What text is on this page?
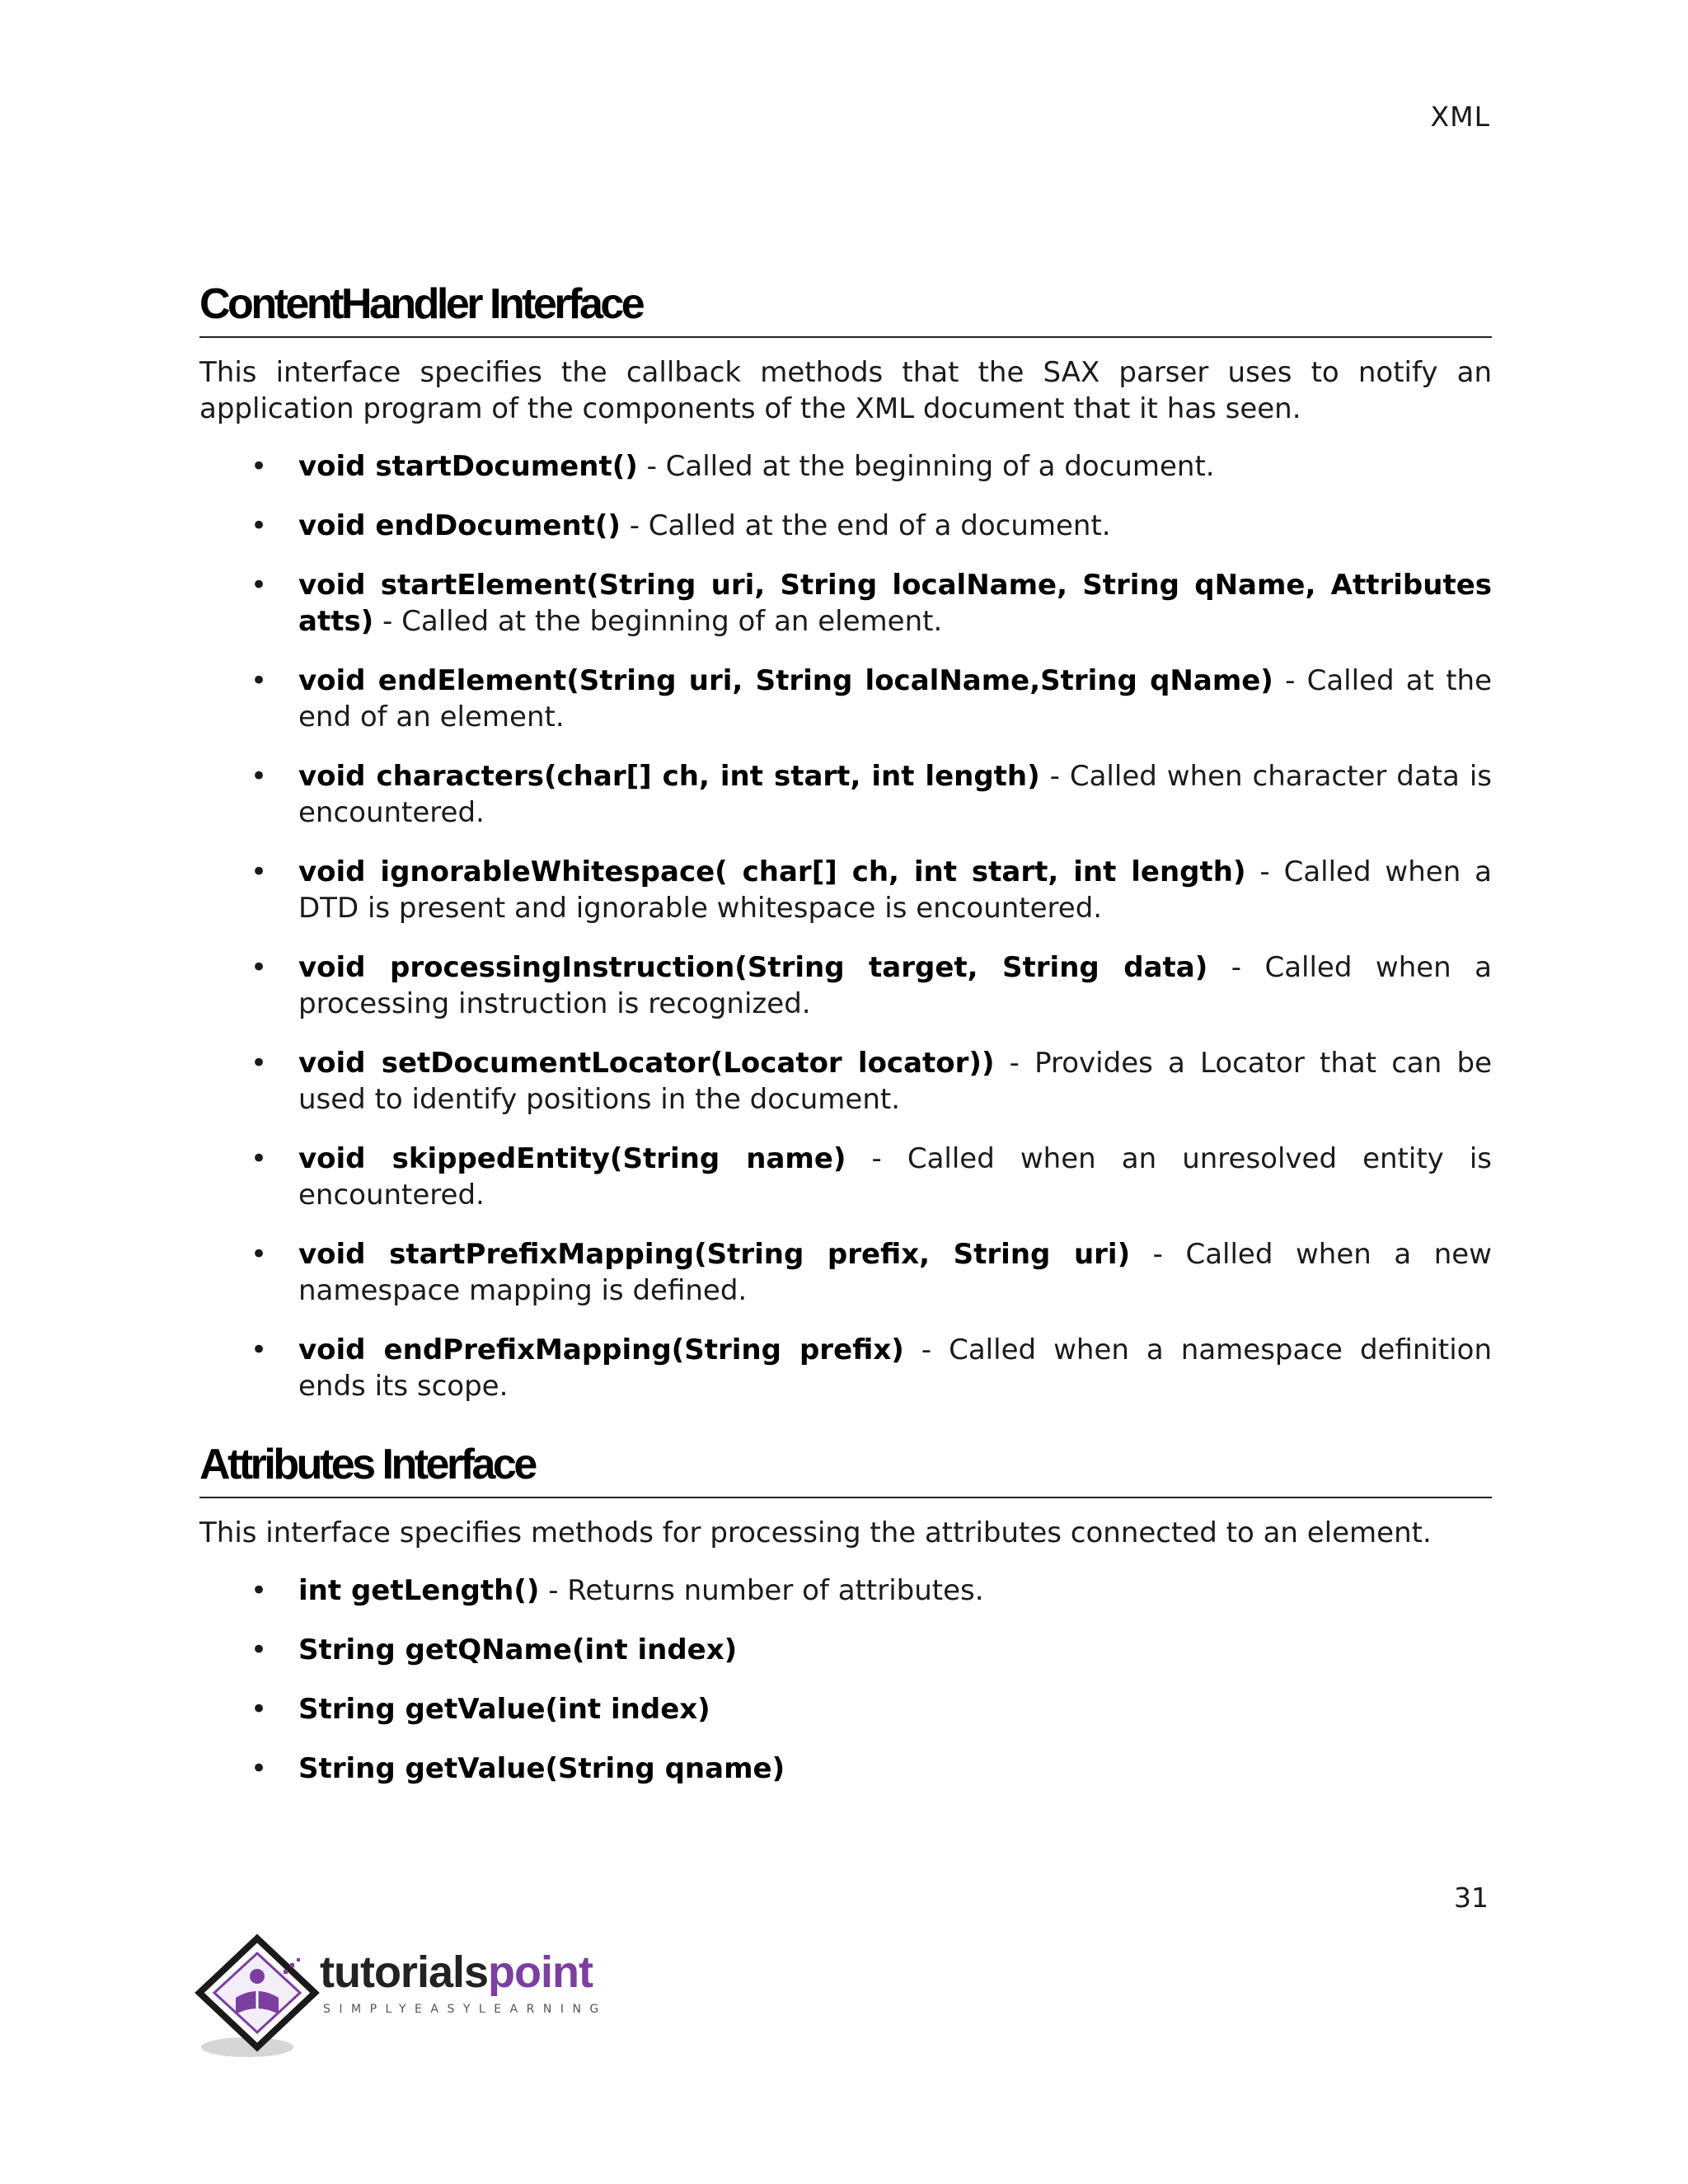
XML
ContentHandler Interface

This interface specifies the callback methods that the SAX parser uses to notify an application program of the components of the XML document that it has seen.

• void startDocument() - Called at the beginning of a document.
• void endDocument() - Called at the end of a document.
• void startElement(String uri, String localName, String qName, Attributes atts) - Called at the beginning of an element.
• void endElement(String uri, String localName,String qName) - Called at the end of an element.
• void characters(char[] ch, int start, int length) - Called when character data is encountered.
• void ignorableWhitespace( char[] ch, int start, int length) - Called when a DTD is present and ignorable whitespace is encountered.
• void processingInstruction(String target, String data) - Called when a processing instruction is recognized.
• void setDocumentLocator(Locator locator)) - Provides a Locator that can be used to identify positions in the document.
• void skippedEntity(String name) - Called when an unresolved entity is encountered.
• void startPrefixMapping(String prefix, String uri) - Called when a new namespace mapping is defined.
• void endPrefixMapping(String prefix) - Called when a namespace definition ends its scope.
Attributes Interface

This interface specifies methods for processing the attributes connected to an element.

• int getLength() - Returns number of attributes.
• String getQName(int index)
• String getValue(int index)
• String getValue(String qname)
31
tutorialspoint
SIMPLYEASYLEARNING
